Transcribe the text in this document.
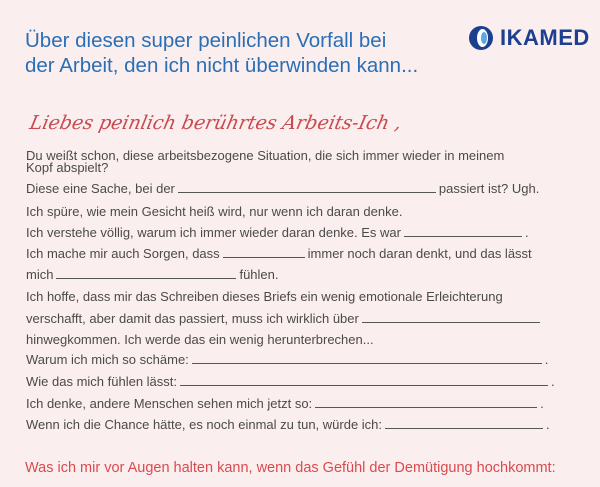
Über diesen super peinlichen Vorfall bei
der Arbeit, den ich nicht überwinden kann...
IKAMED
Liebes peinlich berührtes Arbeits-Ich ,
Du weißt schon, diese arbeitsbezogene Situation, die sich immer wieder in meinem
Kopf abspielt?
Diese eine Sache, bei der	passiert ist? Ugh.
Ich spüre, wie mein Gesicht heiß wird, nur wenn ich daran denke.
Ich verstehe völlig, warum ich immer wieder daran denke. Es war	.
Ich mache mir auch Sorgen, dass	immer noch daran denkt, und das lässt
mich	fühlen.
Ich hoffe, dass mir das Schreiben dieses Briefs ein wenig emotionale Erleichterung
verschafft, aber damit das passiert, muss ich wirklich über
hinwegkommen. Ich werde das ein wenig herunterbrechen...
Warum ich mich so schäme:	.
Wie das mich fühlen lässt:	.
Ich denke, andere Menschen sehen mich jetzt so:	.
Wenn ich die Chance hätte, es noch einmal zu tun, würde ich:	.
Was ich mir vor Augen halten kann, wenn das Gefühl der Demütigung hochkommt:
